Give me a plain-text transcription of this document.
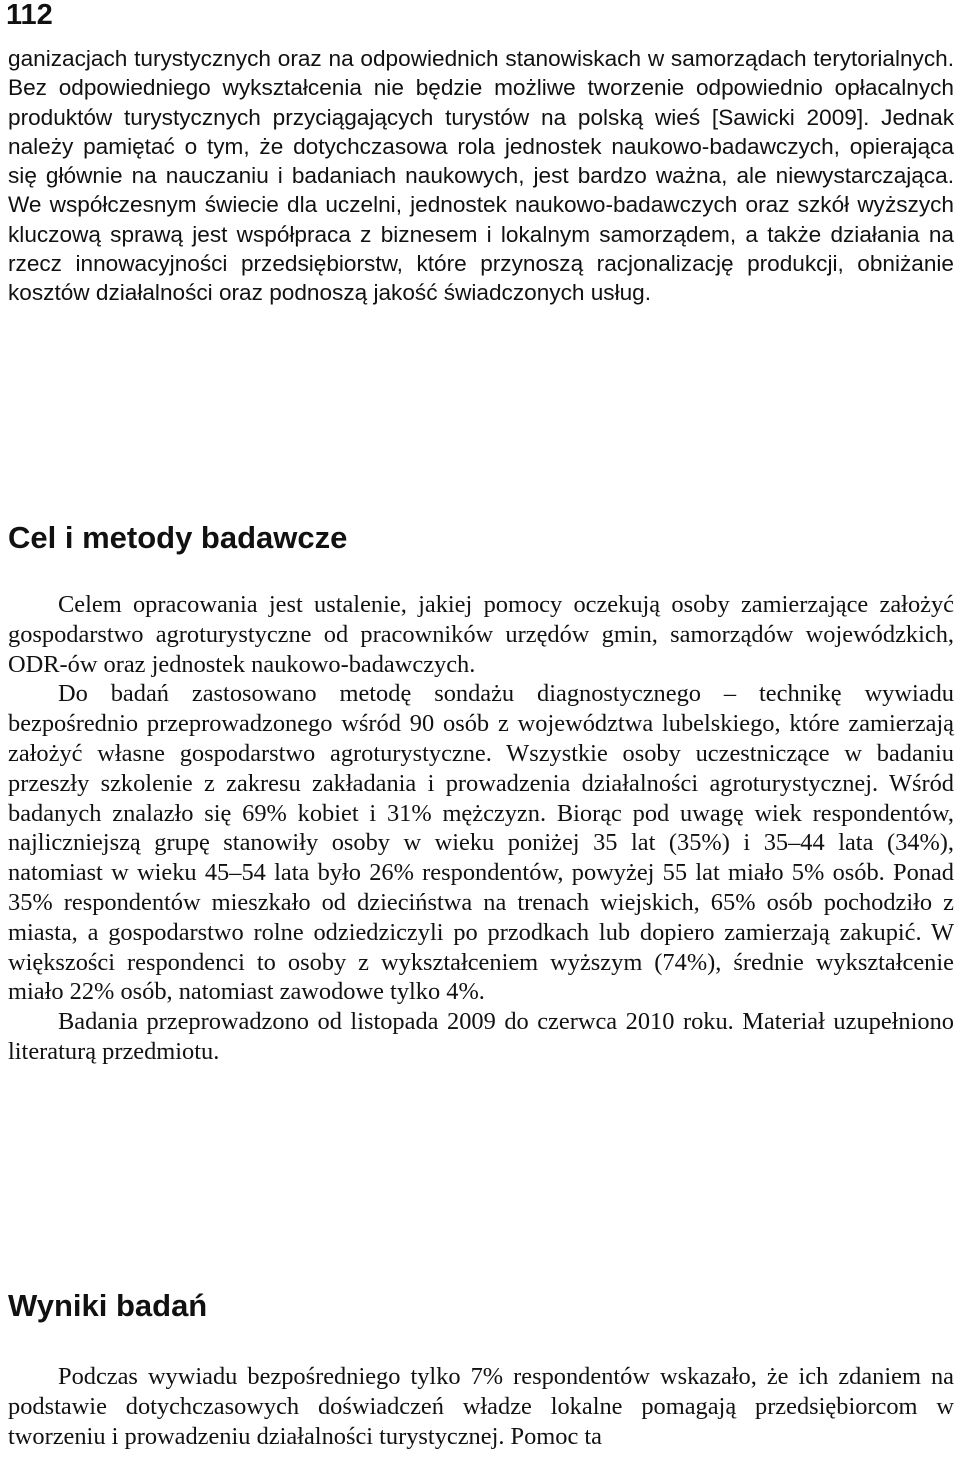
112

ganizacjach turystycznych oraz na odpowiednich stanowiskach w samorządach terytorialnych. Bez odpowiedniego wykształcenia nie będzie możliwe tworzenie odpowiednio opłacalnych produktów turystycznych przyciągających turystów na polską wieś [Sawicki 2009]. Jednak należy pamiętać o tym, że dotychczasowa rola jednostek naukowo-badawczych, opierająca się głównie na nauczaniu i badaniach naukowych, jest bardzo ważna, ale niewystarczająca. We współczesnym świecie dla uczelni, jednostek naukowo-badawczych oraz szkół wyższych kluczową sprawą jest współpraca z biznesem i lokalnym samorządem, a także działania na rzecz innowacyjności przedsiębiorstw, które przynoszą racjonalizację produkcji, obniżanie kosztów działalności oraz podnoszą jakość świadczonych usług.

Cel i metody badawcze

Celem opracowania jest ustalenie, jakiej pomocy oczekują osoby zamierzające założyć gospodarstwo agroturystyczne od pracowników urzędów gmin, samorządów wojewódzkich, ODR-ów oraz jednostek naukowo-badawczych.

Do badań zastosowano metodę sondażu diagnostycznego – technikę wywiadu bezpośrednio przeprowadzonego wśród 90 osób z województwa lubelskiego, które zamierzają założyć własne gospodarstwo agroturystyczne. Wszystkie osoby uczestniczące w badaniu przeszły szkolenie z zakresu zakładania i prowadzenia działalności agroturystycznej. Wśród badanych znalazło się 69% kobiet i 31% mężczyzn. Biorąc pod uwagę wiek respondentów, najliczniejszą grupę stanowiły osoby w wieku poniżej 35 lat (35%) i 35–44 lata (34%), natomiast w wieku 45–54 lata było 26% respondentów, powyżej 55 lat miało 5% osób. Ponad 35% respondentów mieszkało od dzieciństwa na trenach wiejskich, 65% osób pochodziło z miasta, a gospodarstwo rolne odziedziczyli po przodkach lub dopiero zamierzają zakupić. W większości respondenci to osoby z wykształceniem wyższym (74%), średnie wykształcenie miało 22% osób, natomiast zawodowe tylko 4%.

Badania przeprowadzono od listopada 2009 do czerwca 2010 roku. Materiał uzupełniono literaturą przedmiotu.

Wyniki badań

Podczas wywiadu bezpośredniego tylko 7% respondentów wskazało, że ich zdaniem na podstawie dotychczasowych doświadczeń władze lokalne pomagają przedsiębiorcom w tworzeniu i prowadzeniu działalności turystycznej. Pomoc ta
